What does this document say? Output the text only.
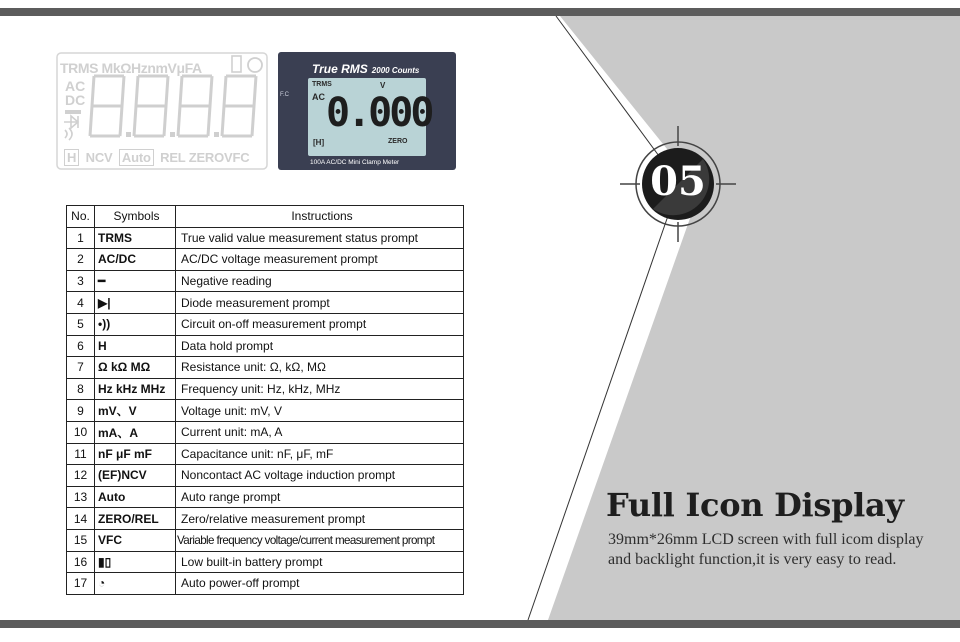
TRMS MkΩHznmVμFA
AC
DC
H NCV Auto REL ZEROVFC
F.C
True RMS 2000 Counts
TRMS
AC
V
0.000
[H]	ZERO
100A AC/DC Mini Clamp Meter
No.	Symbols	Instructions
1	TRMS	True valid value measurement status prompt
2	AC/DC	AC/DC voltage measurement prompt
3	━	Negative reading
4	▶|	Diode measurement prompt
5	•))	Circuit on-off measurement prompt
6	H	Data hold prompt
7	Ω kΩ MΩ	Resistance unit: Ω, kΩ, MΩ
8	Hz kHz MHz	Frequency unit: Hz, kHz, MHz
9	mV、V	Voltage unit: mV, V
10	mA、A	Current unit: mA, A
11	nF μF mF	Capacitance unit: nF, μF, mF
12	(EF)NCV	Noncontact AC voltage induction prompt
13	Auto	Auto range prompt
14	ZERO/REL	Zero/relative measurement prompt
15	VFC	Variable frequency voltage/current measurement prompt
16	▮▯	Low built-in battery prompt
17	◔	Auto power-off prompt
05
Full Icon Display
39mm*26mm LCD screen with full icom display and backlight function,it is very easy to read.
